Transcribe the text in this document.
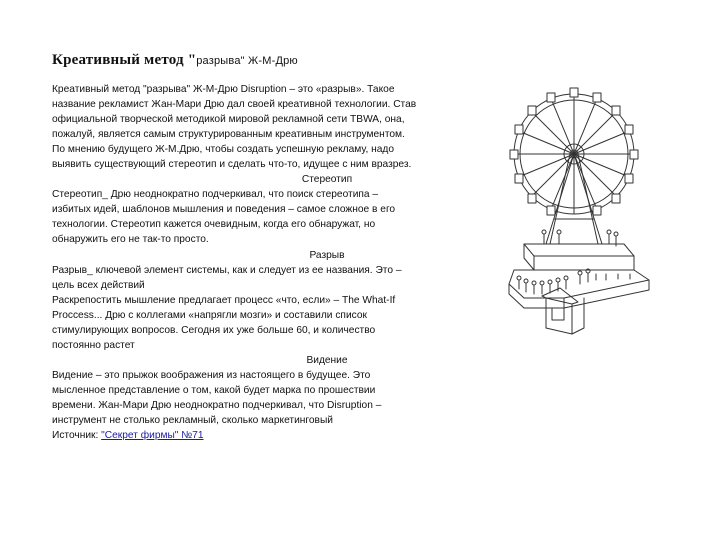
Креативный метод "разрыва" Ж-М-Дрю
Креативный метод "разрыва" Ж-М-Дрю Disruption – это «разрыв». Такое
название рекламист Жан-Мари Дрю дал своей креативной технологии. Став
официальной творческой методикой мировой рекламной сети TBWA, она,
пожалуй, является самым структурированным креативным инструментом.
По мнению будущего Ж-М.Дрю, чтобы создать успешную рекламу, надо
выявить существующий стереотип и сделать что-то, идущее с ним вразрез.
Стереотип
Стереотип_ Дрю неоднократно подчеркивал, что поиск стереотипа –
избитых идей, шаблонов мышления и поведения – самое сложное в его
технологии. Стереотип кажется очевидным, когда его обнаружат, но
обнаружить его не так-то просто.
Разрыв
Разрыв_ ключевой элемент системы, как и следует из ее названия. Это –
цель всех действий
Раскрепостить мышление предлагает процесс «что, если» – The What-If
Proccess... Дрю с коллегами «напрягли мозги» и составили список
стимулирующих вопросов. Сегодня их уже больше 60, и количество
постоянно растет
Видение
Видение – это прыжок воображения из настоящего в будущее. Это
мысленное представление о том, какой будет марка по прошествии
времени. Жан-Мари Дрю неоднократно подчеркивал, что Disruption –
инструмент не столько рекламный, сколько маркетинговый
Источник: "Секрет фирмы" №71
